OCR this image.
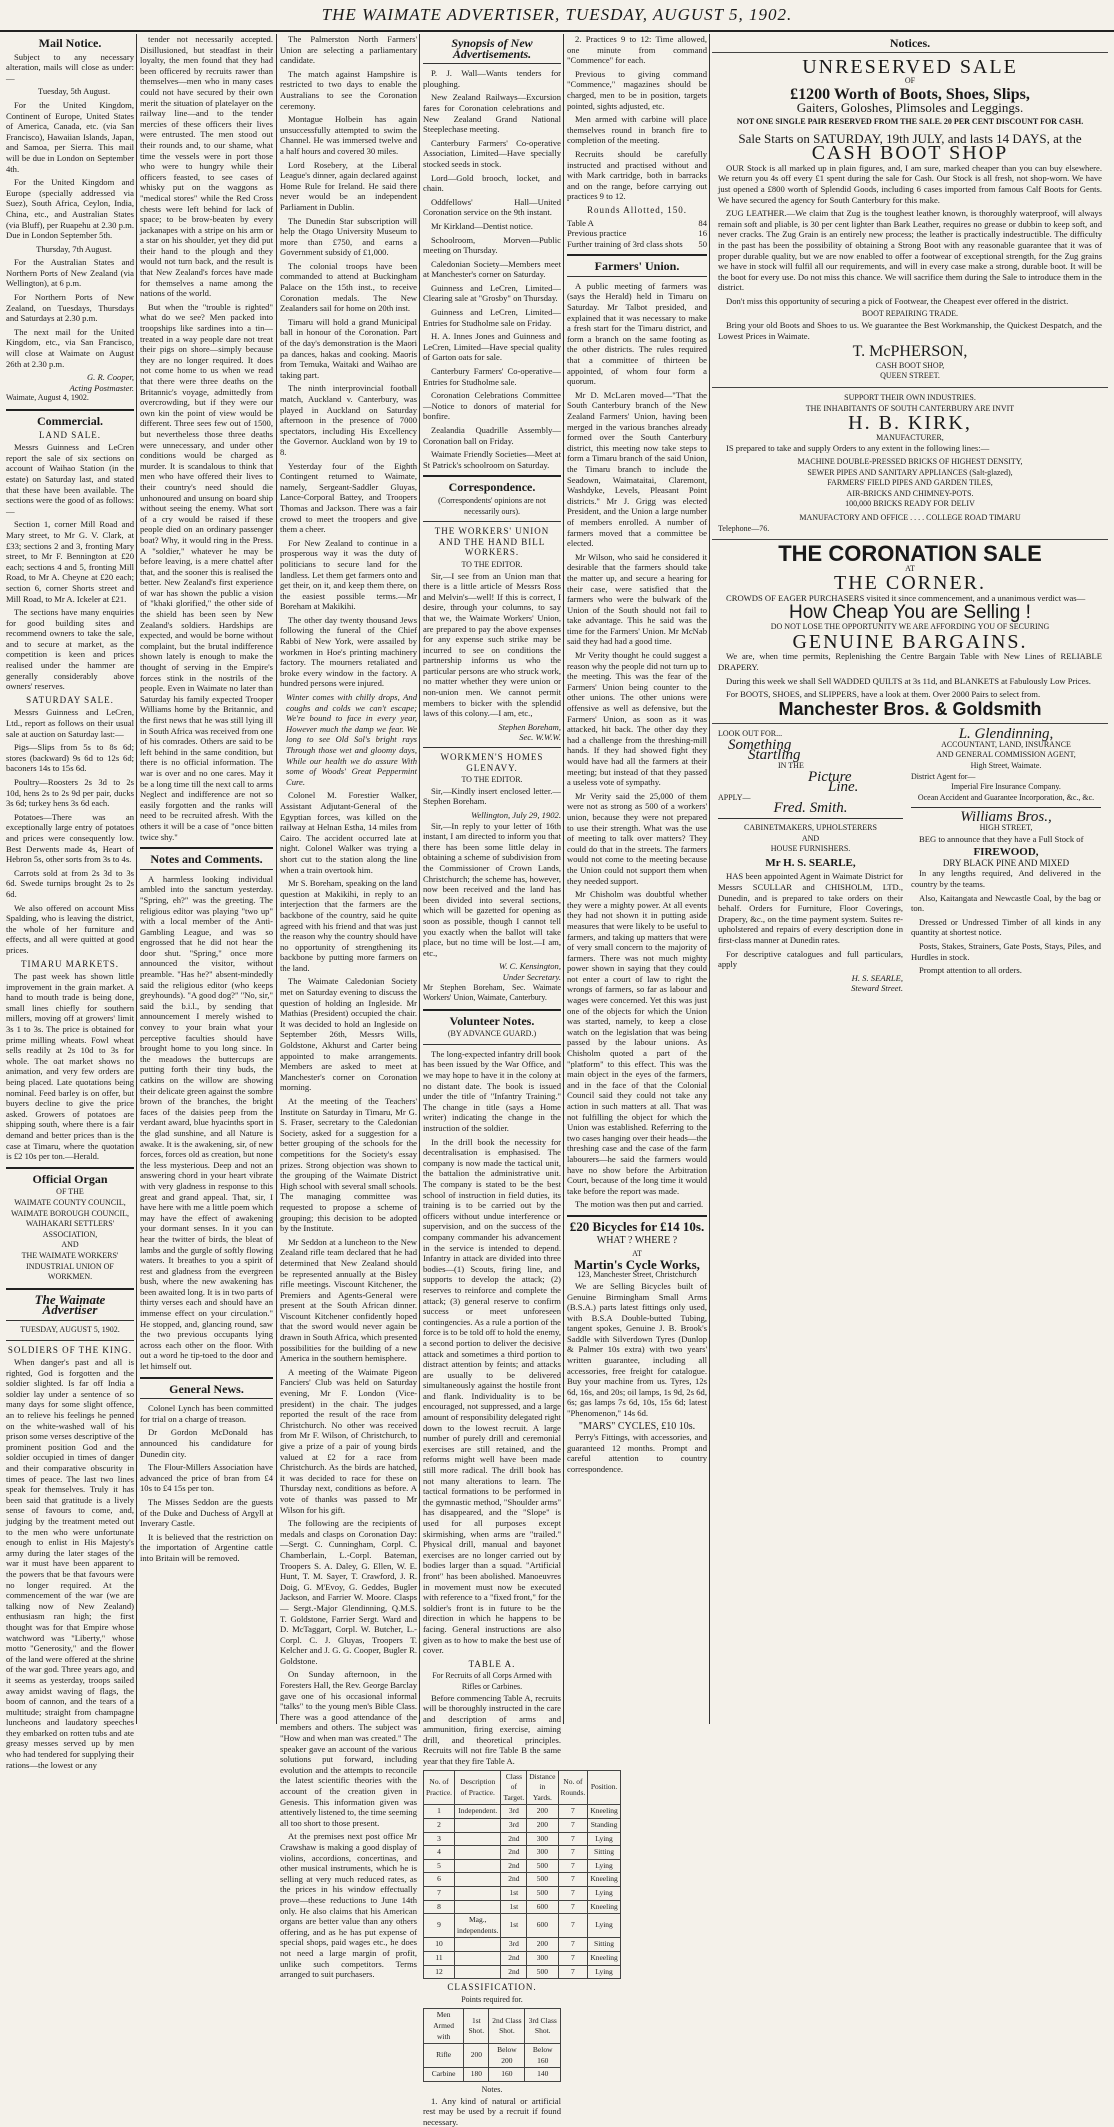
THE WAIMATE ADVERTISER, TUESDAY, AUGUST 5, 1902.
Mail Notice.

Subject to any necessary alteration, mails will close as under:—

Tuesday, 5th August.

For the United Kingdom, Continent of Europe, United States of America, Canada, etc. (via San Francisco), Hawaiian Islands, Japan, and Samoa, per Sierra. This mail will be due in London on September 4th.

For the United Kingdom and Europe (specially addressed via Suez), South Africa, Ceylon, India, China, etc., and Australian States (via Bluff), per Ruapehu at 2.30 p.m. Due in London September 5th.

Thursday, 7th August.

For the Australian States and Northern Ports of New Zealand (via Wellington), at 6 p.m.

For Northern Ports of New Zealand, on Tuesdays, Thursdays and Saturdays at 2.30 p.m.

The next mail for the United Kingdom, etc., via San Francisco, will close at Waimate on August 26th at 2.30 p.m.

G. R. Cooper,
Acting Postmaster.
Waimate, August 4, 1902.
Commercial.
LAND SALE.

Messrs Guinness and LeCren report the sale of six sections on account of Waihao Station (in the estate) on Saturday last, and stated that these have been available. The sections were the good of as follows:—

Section 1, corner Mill Road and Mary street, to Mr G. V. Clark, at £33; sections 2 and 3, fronting Mary street, to Mr F. Bennington at £20 each; sections 4 and 5, fronting Mill Road, to Mr A. Cheyne at £20 each; section 6, corner Shorts street and Mill Road, to Mr A. Ickeler at £21.

The sections have many enquiries for good building sites and recommend owners to take the sale, and to secure at market, as the competition is keen and prices realised under the hammer are generally considerably above owners' reserves.

SATURDAY SALE.

Messrs Guinness and LeCren, Ltd., report as follows on their usual sale at auction on Saturday last:—

Pigs—Slips from 5s to 8s 6d; stores (backward) 9s 6d to 12s 6d; baconers 14s to 15s 6d.

Poultry—Roosters 2s 3d to 2s 10d, hens 2s to 2s 9d per pair, ducks 3s 6d; turkey hens 3s 6d each.

Potatoes—There was an exceptionally large entry of potatoes and prices were consequently low. Best Derwents made 4s, Heart of Hebron 5s, other sorts from 3s to 4s.

Carrots sold at from 2s 3d to 3s 6d. Swede turnips brought 2s to 2s 6d.

We also offered on account Miss Spalding, who is leaving the district, the whole of her furniture and effects, and all were quitted at good prices.

TIMARU MARKETS.

The past week has shown little improvement in the grain market. A hand to mouth trade is being done, small lines chiefly for southern millers, moving off at growers' limit 3s 1 to 3s. The price is obtained for prime milling wheats. Fowl wheat sells readily at 2s 10d to 3s for whole. The oat market shows no animation, and very few orders are being placed. Late quotations being nominal. Feed barley is on offer, but buyers decline to give the price asked. Growers of potatoes are shipping south, where there is a fair demand and better prices than is the case at Timaru, where the quotation is £2 10s per ton.—Herald.

Official Organ
OF THE
WAIMATE COUNTY COUNCIL,
WAIMATE BOROUGH COUNCIL,
WAIHAKARI SETTLERS' ASSOCIATION,
AND
THE WAIMATE WORKERS' INDUSTRIAL UNION OF WORKMEN.
The Waimate Advertiser
TUESDAY, AUGUST 5, 1902.
SOLDIERS OF THE KING.

When danger's past and all is righted, God is forgotten and the soldier slighted. Is far off India a soldier lay under a sentence of so many days for some slight offence, an to relieve his feelings he penned on the white-washed wall of his prison some verses descriptive of the prominent position God and the soldier occupied in times of danger and their comparative obscurity in times of peace. The last two lines speak for themselves. Truly it has been said that gratitude is a lively sense of favours to come, and, judging by the treatment meted out to the men who were unfortunate enough to enlist in His Majesty's army during the later stages of the war it must have been apparent to the powers that be that favours were no longer required. At the commencement of the war (we are talking now of New Zealand) enthusiasm ran high; the first thought was for that Empire whose watchword was "Liberty," whose motto "Generosity," and the flower of the land were offered at the shrine of the war god. Three years ago, and it seems as yesterday, troops sailed away amidst waving of flags, the boom of cannon, and the tears of a multitude; straight from champagne luncheons and laudatory speeches they embarked on rotten tubs and ate greasy messes served up by men who had tendered for supplying their rations—the lowest or any

tender not necessarily accepted. Disillusioned, but steadfast in their loyalty, the men found that they had been officered by recruits rawer than themselves—men who in many cases could not have secured by their own merit the situation of platelayer on the railway line—and to the tender mercies of these officers their lives were entrusted. The men stood out their rounds and, to our shame, what time the vessels were in port those who were to hungry while their officers feasted, to see cases of whisky put on the waggons as "medical stores" while the Red Cross chests were left behind for lack of space; to be brow-beaten by every jackanapes with a stripe on his arm or a star on his shoulder, yet they did put their hand to the plough and they would not turn back, and the result is that New Zealand's forces have made for themselves a name among the nations of the world.

But when the "trouble is righted" what do we see? Men packed into troopships like sardines into a tin—treated in a way people dare not treat their pigs on shore—simply because they are no longer required. It does not come home to us when we read that there were three deaths on the Britannic's voyage, admittedly from overcrowding, but if they were our own kin the point of view would be different. Three sees few out of 1500, but nevertheless those three deaths were unnecessary, and under other conditions would be charged as murder. It is scandalous to think that men who have offered their lives to their country's need should die unhonoured and unsung on board ship without seeing the enemy. What sort of a cry would be raised if these people died on an ordinary passenger boat? Why, it would ring in the Press. A "soldier," whatever he may be before leaving, is a mere chattel after that, and the sooner this is realised the better. New Zealand's first experience of war has shown the public a vision of "khaki glorified," the other side of the shield has been seen by New Zealand's soldiers. Hardships are expected, and would be borne without complaint, but the brutal indifference shown lately is enough to make the thought of serving in the Empire's forces stink in the nostrils of the people. Even in Waimate no later than Saturday his family expected Trooper Williams home by the Britannic, and the first news that he was still lying ill in South Africa was received from one of his comrades. Others are said to be left behind in the same condition, but there is no official information. The war is over and no one cares. May it be a long time till the next call to arms Neglect and indifference are not so easily forgotten and the ranks will need to be recruited afresh. With the others it will be a case of "once bitten twice shy."

Notes and Comments.

A harmless looking individual ambled into the sanctum yesterday. "Spring, eh?" was the greeting. The religious editor was playing "two up" with a local member of the Anti-Gambling League, and was so engrossed that he did not hear the door shut. "Spring," once more announced the visitor, without preamble. "Has he?" absent-mindedly said the religious editor (who keeps greyhounds). "A good dog?" "No, sir," said the b.i.l., by sending that announcement I merely wished to convey to your brain what your perceptive faculties should have brought home to you long since. In the meadows the buttercups are putting forth their tiny buds, the catkins on the willow are showing their delicate green against the sombre brown of the branches, the bright faces of the daisies peep from the verdant award, blue hyacinths sport in the glad sunshine, and all Nature is awake. It is the awakening, sir, of new forces, forces old as creation, but none the less mysterious. Deep and not an answering chord in your heart vibrate with very gladness in response to this great and grand appeal. That, sir, I have here with me a little poem which may have the effect of awakening your dormant senses. In it you can hear the twitter of birds, the bleat of lambs and the gurgle of softly flowing waters. It breathes to you a spirit of rest and gladness from the evergreen bush, where the new awakening has been awaited long. It is in two parts of thirty verses each and should have an immense effect on your circulation." He stopped, and, glancing round, saw the two previous occupants lying across each other on the floor. With out a word he tip-toed to the door and let himself out.

General News.

Colonel Lynch has been committed for trial on a charge of treason.

Dr Gordon McDonald has announced his candidature for Dunedin city.

The Flour-Millers Association have advanced the price of bran from £4 10s to £4 15s per ton.

The Misses Seddon are the guests of the Duke and Duchess of Argyll at Inverary Castle.

It is believed that the restriction on the importation of Argentine cattle into Britain will be removed.

The Palmerston North Farmers' Union are selecting a parliamentary candidate.

The match against Hampshire is restricted to two days to enable the Australians to see the Coronation ceremony.

Montague Holbein has again unsuccessfully attempted to swim the Channel. He was immersed twelve and a half hours and covered 30 miles.

Lord Rosebery, at the Liberal League's dinner, again declared against Home Rule for Ireland. He said there never would be an independent Parliament in Dublin.

The Dunedin Star subscription will help the Otago University Museum to more than £750, and earns a Government subsidy of £1,000.

The colonial troops have been commanded to attend at Buckingham Palace on the 15th inst., to receive Coronation medals. The New Zealanders sail for home on 20th inst.

Timaru will hold a grand Municipal ball in honour of the Coronation. Part of the day's demonstration is the Maori pa dances, hakas and cooking. Maoris from Temuka, Waitaki and Waihao are taking part.

The ninth interprovincial football match, Auckland v. Canterbury, was played in Auckland on Saturday afternoon in the presence of 7000 spectators, including His Excellency the Governor. Auckland won by 19 to 8.

Yesterday four of the Eighth Contingent returned to Waimate, namely, Sergeant-Saddler Gluyas, Lance-Corporal Battey, and Troopers Thomas and Jackson. There was a fair crowd to meet the troopers and give them a cheer.

For New Zealand to continue in a prosperous way it was the duty of politicians to secure land for the landless. Let them get farmers onto and get their, on it, and keep them there, on the easiest possible terms.—Mr Boreham at Makikihi.

The other day twenty thousand Jews following the funeral of the Chief Rabbi of New York, were assailed by workmen in Hoe's printing machinery factory. The mourners retaliated and broke every window in the factory. A hundred persons were injured.

Winter comes with chilly drops, And coughs and colds we can't escape; We're bound to face in every year, However much the damp we fear. We long to see Old Sol's bright rays Through those wet and gloomy days, While our health we do assure With some of Woods' Great Peppermint Cure.

Colonel M. Forestier Walker, Assistant Adjutant-General of the Egyptian forces, was killed on the railway at Helnan Estha, 14 miles from Cairo. The accident occurred late at night. Colonel Walker was trying a short cut to the station along the line when a train overtook him.

Mr S. Boreham, speaking on the land question at Makikihi, in reply to an interjection that the farmers are the backbone of the country, said he quite agreed with his friend and that was just the reason why the country should have no opportunity of strengthening its backbone by putting more farmers on the land.

The Waimate Caledonian Society met on Saturday evening to discuss the question of holding an Ingleside. Mr Mathias (President) occupied the chair. It was decided to hold an Ingleside on September 26th, Messrs Wills, Goldstone, Akhurst and Carter being appointed to make arrangements. Members are asked to meet at Manchester's corner on Coronation morning.

At the meeting of the Teachers' Institute on Saturday in Timaru, Mr G. S. Fraser, secretary to the Caledonian Society, asked for a suggestion for a better grouping of the schools for the competitions for the Society's essay prizes. Strong objection was shown to the grouping of the Waimate District High school with several small schools. The managing committee was requested to propose a scheme of grouping; this decision to be adopted by the Institute.

Mr Seddon at a luncheon to the New Zealand rifle team declared that he had determined that New Zealand should be represented annually at the Bisley rifle meetings. Viscount Kitchener, the Premiers and Agents-General were present at the South African dinner. Viscount Kitchener confidently hoped that the sword would never again be drawn in South Africa, which presented possibilities for the building of a new America in the southern hemisphere.

A meeting of the Waimate Pigeon Fanciers' Club was held on Saturday evening, Mr F. London (Vice-president) in the chair. The judges reported the result of the race from Christchurch. No other was received from Mr F. Wilson, of Christchurch, to give a prize of a pair of young birds valued at £2 for a race from Christchurch. As the birds are hatched, it was decided to race for these on Thursday next, conditions as before. A vote of thanks was passed to Mr Wilson for his gift.

The following are the recipients of medals and clasps on Coronation Day:—Sergt. C. Cunningham, Corpl. C. Chamberlain, L.-Corpl. Bateman, Troopers S. A. Daley, G. Ellen, W. E. Hunt, T. M. Sayer, T. Crawford, J. R. Doig, G. M'Evoy, G. Geddes, Bugler Jackson, and Farrier W. Moore. Clasps — Sergt.-Major Glendinning, Q.M.S. T. Goldstone, Farrier Sergt. Ward and D. McTaggart, Corpl. W. Butcher, L.-Corpl. C. J. Gluyas, Troopers T. Kelcher and J. G. G. Cooper, Bugler R. Goldstone.

On Sunday afternoon, in the Foresters Hall, the Rev. George Barclay gave one of his occasional informal "talks" to the young men's Bible Class. There was a good attendance of the members and others. The subject was "How and when man was created." The speaker gave an account of the various solutions put forward, including evolution and the attempts to reconcile the latest scientific theories with the account of the creation given in Genesis. This information given was attentively listened to, the time seeming all too short to those present.

At the premises next post office Mr Crawshaw is making a good display of violins, accordions, concertinas, and other musical instruments, which he is selling at very much reduced rates, as the prices in his window effectually prove—these reductions to June 14th only. He also claims that his American organs are better value than any others offering, and as he has put expense of special shops, paid wages etc., he does not need a large margin of profit, unlike such competitors. Terms arranged to suit purchasers.

Synopsis of New Advertisements.

P. J. Wall—Wants tenders for ploughing.

New Zealand Railways—Excursion fares for Coronation celebrations and New Zealand Grand National Steeplechase meeting.

Canterbury Farmers' Co-operative Association, Limited—Have specially stocked seeds in stock.

Lord—Gold brooch, locket, and chain.

Oddfellows' Hall—United Coronation service on the 9th instant.

Mr Kirkland—Dentist notice.

Schoolroom, Morven—Public meeting on Thursday.

Caledonian Society—Members meet at Manchester's corner on Saturday.

Guinness and LeCren, Limited—Clearing sale at "Grosby" on Thursday.

Guinness and LeCren, Limited—Entries for Studholme sale on Friday.

H. A. Innes Jones and Guinness and LeCren, Limited—Have special quality of Garton oats for sale.

Canterbury Farmers' Co-operative—Entries for Studholme sale.

Coronation Celebrations Committee—Notice to donors of material for bonfire.

Zealandia Quadrille Assembly—Coronation ball on Friday.

Waimate Friendly Societies—Meet at St Patrick's schoolroom on Saturday.

Correspondence.
(Correspondents' opinions are not necessarily ours).
THE WORKERS' UNION AND THE HAND BILL WORKERS.
TO THE EDITOR.

Sir,—I see from an Union man that there is a little article of Messrs Ross and Melvin's—well! If this is correct, I desire, through your columns, to say that we, the Waimate Workers' Union, are prepared to pay the above expenses for any expense such strike may be incurred to see on conditions the partnership informs us who the particular persons are who struck work, no matter whether they were union or non-union men. We cannot permit members to bicker with the splendid laws of this colony.—I am, etc.,

Stephen Boreham,
Sec. W.W.W.
WORKMEN'S HOMES GLENAVY.
TO THE EDITOR.

Sir,—Kindly insert enclosed letter.—Stephen Boreham.

Wellington, July 29, 1902.

Sir,—In reply to your letter of 16th instant, I am directed to inform you that there has been some little delay in obtaining a scheme of subdivision from the Commissioner of Crown Lands, Christchurch; the scheme has, however, now been received and the land has been divided into several sections, which will be gazetted for opening as soon as possible, though I cannot tell you exactly when the ballot will take place, but no time will be lost.—I am, etc.,

W. C. Kensington,
Under Secretary.
Mr Stephen Boreham, Sec. Waimate Workers' Union, Waimate, Canterbury.
Volunteer Notes.
(BY ADVANCE GUARD.)

The long-expected infantry drill book has been issued by the War Office, and we may hope to have it in the colony at no distant date. The book is issued under the title of "Infantry Training." The change in title (says a Home writer) indicating the change in the instruction of the soldier.

In the drill book the necessity for decentralisation is emphasised. The company is now made the tactical unit, the battalion the administrative unit. The company is stated to be the best school of instruction in field duties, its training is to be carried out by the officers without undue interference or supervision, and on the success of the company commander his advancement in the service is intended to depend. Infantry in attack are divided into three bodies—(1) Scouts, firing line, and supports to develop the attack; (2) reserves to reinforce and complete the attack; (3) general reserve to confirm success or meet unforeseen contingencies. As a rule a portion of the force is to be told off to hold the enemy, a second portion to deliver the decisive attack and sometimes a third portion to distract attention by feints; and attacks are usually to be delivered simultaneously against the hostile front and flank. Individuality is to be encouraged, not suppressed, and a large amount of responsibility delegated right down to the lowest recruit. A large number of purely drill and ceremonial exercises are still retained, and the reforms might well have been made still more radical. The drill book has not many alterations to learn. The tactical formations to be performed in the gymnastic method, "Shoulder arms" has disappeared, and the "Slope" is used for all purposes except skirmishing, when arms are "trailed." Physical drill, manual and bayonet exercises are no longer carried out by bodies larger than a squad. "Artificial front" has been abolished. Manoeuvres in movement must now be executed with reference to a "fixed front," for the soldier's front is in future to be the direction in which he happens to be facing. General instructions are also given as to how to make the best use of cover.

TABLE A.
For Recruits of all Corps Armed with Rifles or Carbines.

Before commencing Table A, recruits will be thoroughly instructed in the care and description of arms and ammunition, firing exercise, aiming drill, and theoretical principles. Recruits will not fire Table B the same year that they fire Table A.

No. of Practice.	Description of Practice.	Class of Target.	Distance in Yards.	No. of Rounds.	Position.
1	Independent.	3rd	200	7	Kneeling
2		3rd	200	7	Standing
3		2nd	300	7	Lying
4		2nd	300	7	Sitting
5		2nd	500	7	Lying
6		2nd	500	7	Kneeling
7		1st	500	7	Lying
8		1st	600	7	Kneeling
9	Mag., independents.	1st	600	7	Lying
10		3rd	200	7	Sitting
11		2nd	300	7	Kneeling
12		2nd	500	7	Lying
CLASSIFICATION.
Points required for.
Men Armed with	1st Shot.	2nd Class Shot.	3rd Class Shot.
Rifle	200	Below 200	Below 160
Carbine	180	160	140
Notes.

1. Any kind of natural or artificial rest may be used by a recruit if found necessary.

2. Practices 9 to 12: Time allowed, one minute from command "Commence" for each.

Previous to giving command "Commence," magazines should be charged, men to be in position, targets pointed, sights adjusted, etc.

Men armed with carbine will place themselves round in branch fire to completion of the meeting.

Recruits should be carefully instructed and practised without and with Mark cartridge, both in barracks and on the range, before carrying out practices 9 to 12.

Rounds Allotted, 150.
Table A	84
Previous practice	16
Further training of 3rd class shots 50
Farmers' Union.

A public meeting of farmers was (says the Herald) held in Timaru on Saturday. Mr Talbot presided, and explained that it was necessary to make a fresh start for the Timaru district, and form a branch on the same footing as the other districts. The rules required that a committee of thirteen be appointed, of whom four form a quorum.

Mr D. McLaren moved—"That the South Canterbury branch of the New Zealand Farmers' Union, having been merged in the various branches already formed over the South Canterbury district, this meeting now take steps to form a Timaru branch of the said Union, the Timaru branch to include the Seadown, Waimataitai, Claremont, Washdyke, Levels, Pleasant Point districts." Mr J. Grigg was elected President, and the Union a large number of members enrolled. A number of farmers moved that a committee be elected.

Mr Wilson, who said he considered it desirable that the farmers should take the matter up, and secure a hearing for their case, were satisfied that the farmers who were the bulwark of the Union of the South should not fail to take advantage. This he said was the time for the Farmers' Union. Mr McNab said they had had a good time.

Mr Verity thought he could suggest a reason why the people did not turn up to the meeting. This was the fear of the Farmers' Union being counter to the other unions. The other unions were offensive as well as defensive, but the Farmers' Union, as soon as it was attacked, hit back. The other day they had a challenge from the threshing-mill hands. If they had showed fight they would have had all the farmers at their meeting; but instead of that they passed a useless vote of sympathy.

Mr Verity said the 25,000 of them were not as strong as 500 of a workers' union, because they were not prepared to use their strength. What was the use of meeting to talk over matters? They could do that in the streets. The farmers would not come to the meeting because the Union could not support them when they needed support.

Mr Chisholm was doubtful whether they were a mighty power. At all events they had not shown it in putting aside measures that were likely to be useful to farmers, and taking up matters that were of very small concern to the majority of farmers. There was not much mighty power shown in saying that they could not enter a court of law to right the wrongs of farmers, so far as labour and wages were concerned. Yet this was just one of the objects for which the Union was started, namely, to keep a close watch on the legislation that was being passed by the labour unions. As Chisholm quoted a part of the "platform" to this effect. This was the main object in the eyes of the farmers, and in the face of that the Colonial Council said they could not take any action in such matters at all. That was not fulfilling the object for which the Union was established. Referring to the two cases hanging over their heads—the threshing case and the case of the farm labourers—he said the farmers would have no show before the Arbitration Court, because of the long time it would take before the report was made.

The motion was then put and carried.

£20 Bicycles for £14 10s.
WHAT ? WHERE ?
AT
Martin's Cycle Works,
123, Manchester Street, Christchurch

We are Selling Bicycles built of Genuine Birmingham Small Arms (B.S.A.) parts latest fittings only used, with B.S.A Double-butted Tubing, tangent spokes, Genuine J. B. Brook's Saddle with Silverdown Tyres (Dunlop & Palmer 10s extra) with two years' written guarantee, including all accessories, free freight for catalogue. Buy your machine from us. Tyres, 12s 6d, 16s, and 20s; oil lamps, 1s 9d, 2s 6d, 6s; gas lamps 7s 6d, 10s, 15s 6d; latest "Phenomenon," 14s 6d.

"MARS" CYCLES, £10 10s.

Perry's Fittings, with accessories, and guaranteed 12 months. Prompt and careful attention to country correspondence.

Notices.
UNRESERVED SALE
OF
£1200 Worth of Boots, Shoes, Slips,
Gaiters, Goloshes, Plimsoles and Leggings.
NOT ONE SINGLE PAIR RESERVED FROM THE SALE. 20 PER CENT DISCOUNT FOR CASH.
Sale Starts on SATURDAY, 19th JULY, and lasts 14 DAYS, at the
CASH BOOT SHOP

OUR Stock is all marked up in plain figures, and, I am sure, marked cheaper than you can buy elsewhere. We return you 4s off every £1 spent during the sale for Cash. Our Stock is all fresh, not shop-worn. We have just opened a £800 worth of Splendid Goods, including 6 cases imported from famous Calf Boots for Gents. We have secured the agency for South Canterbury for this make.

ZUG LEATHER.—We claim that Zug is the toughest leather known, is thoroughly waterproof, will always remain soft and pliable, is 30 per cent lighter than Bark Leather, requires no grease or dubbin to keep soft, and never cracks. The Zug Grain is an entirely new process; the leather is practically indestructible. The difficulty in the past has been the possibility of obtaining a Strong Boot with any reasonable guarantee that it was of proper durable quality, but we are now enabled to offer a footwear of exceptional strength, for the Zug grains we have in stock will fulfil all our requirements, and will in every case make a strong, durable boot. It will be the boot for every use. Do not miss this chance. We will sacrifice them during the Sale to introduce them in the district.

Don't miss this opportunity of securing a pick of Footwear, the Cheapest ever offered in the district.

BOOT REPAIRING TRADE.

Bring your old Boots and Shoes to us. We guarantee the Best Workmanship, the Quickest Despatch, and the Lowest Prices in Waimate.

T. McPHERSON,
CASH BOOT SHOP,
QUEEN STREET.
SUPPORT THEIR OWN INDUSTRIES.
THE INHABITANTS OF SOUTH CANTERBURY ARE INVIT
H. B. KIRK,
MANUFACTURER,

IS prepared to take and supply Orders to any extent in the following lines:—

MACHINE DOUBLE-PRESSED BRICKS OF HIGHEST DENSITY,
SEWER PIPES AND SANITARY APPLIANCES (Salt-glazed),
FARMERS' FIELD PIPES AND GARDEN TILES,
AIR-BRICKS AND CHIMNEY-POTS.
100,000 BRICKS READY FOR DELIV
MANUFACTORY AND OFFICE . . . . COLLEGE ROAD TIMARU
Telephone—76.
THE CORONATION SALE
AT
THE CORNER.

CROWDS OF EAGER PURCHASERS visited it since commencement, and a unanimous verdict was—

How Cheap You are Selling !
DO NOT LOSE THE OPPORTUNITY WE ARE AFFORDING YOU OF SECURING
GENUINE BARGAINS.

We are, when time permits, Replenishing the Centre Bargain Table with New Lines of RELIABLE DRAPERY.

During this week we shall Sell WADDED QUILTS at 3s 11d, and BLANKETS at Fabulously Low Prices.

For BOOTS, SHOES, and SLIPPERS, have a look at them. Over 2000 Pairs to select from.

Manchester Bros. & Goldsmith
LOOK OUT FOR...
Something
Startling
IN THE
Picture
Line.
APPLY—
Fred. Smith.
CABINETMAKERS, UPHOLSTERERS
AND
HOUSE FURNISHERS.
Mr H. S. SEARLE,

HAS been appointed Agent in Waimate District for Messrs SCULLAR and CHISHOLM, LTD., Dunedin, and is prepared to take orders on their behalf. Orders for Furniture, Floor Coverings, Drapery, &c., on the time payment system. Suites re-upholstered and repairs of every description done in first-class manner at Dunedin rates.

For descriptive catalogues and full particulars, apply

H. S. SEARLE,
Steward Street.
L. Glendinning,
ACCOUNTANT, LAND, INSURANCE
AND GENERAL COMMISSION AGENT,
High Street, Waimate.
District Agent for—
Imperial Fire Insurance Company.
Ocean Accident and Guarantee Incorporation, &c., &c.
Williams Bros.,
HIGH STREET,

BEG to announce that they have a Full Stock of

FIREWOOD,
DRY BLACK PINE AND MIXED

In any lengths required, And delivered in the country by the teams.

Also, Kaitangata and Newcastle Coal, by the bag or ton.

Dressed or Undressed Timber of all kinds in any quantity at shortest notice.

Posts, Stakes, Strainers, Gate Posts, Stays, Piles, and Hurdles in stock.

Prompt attention to all orders.
